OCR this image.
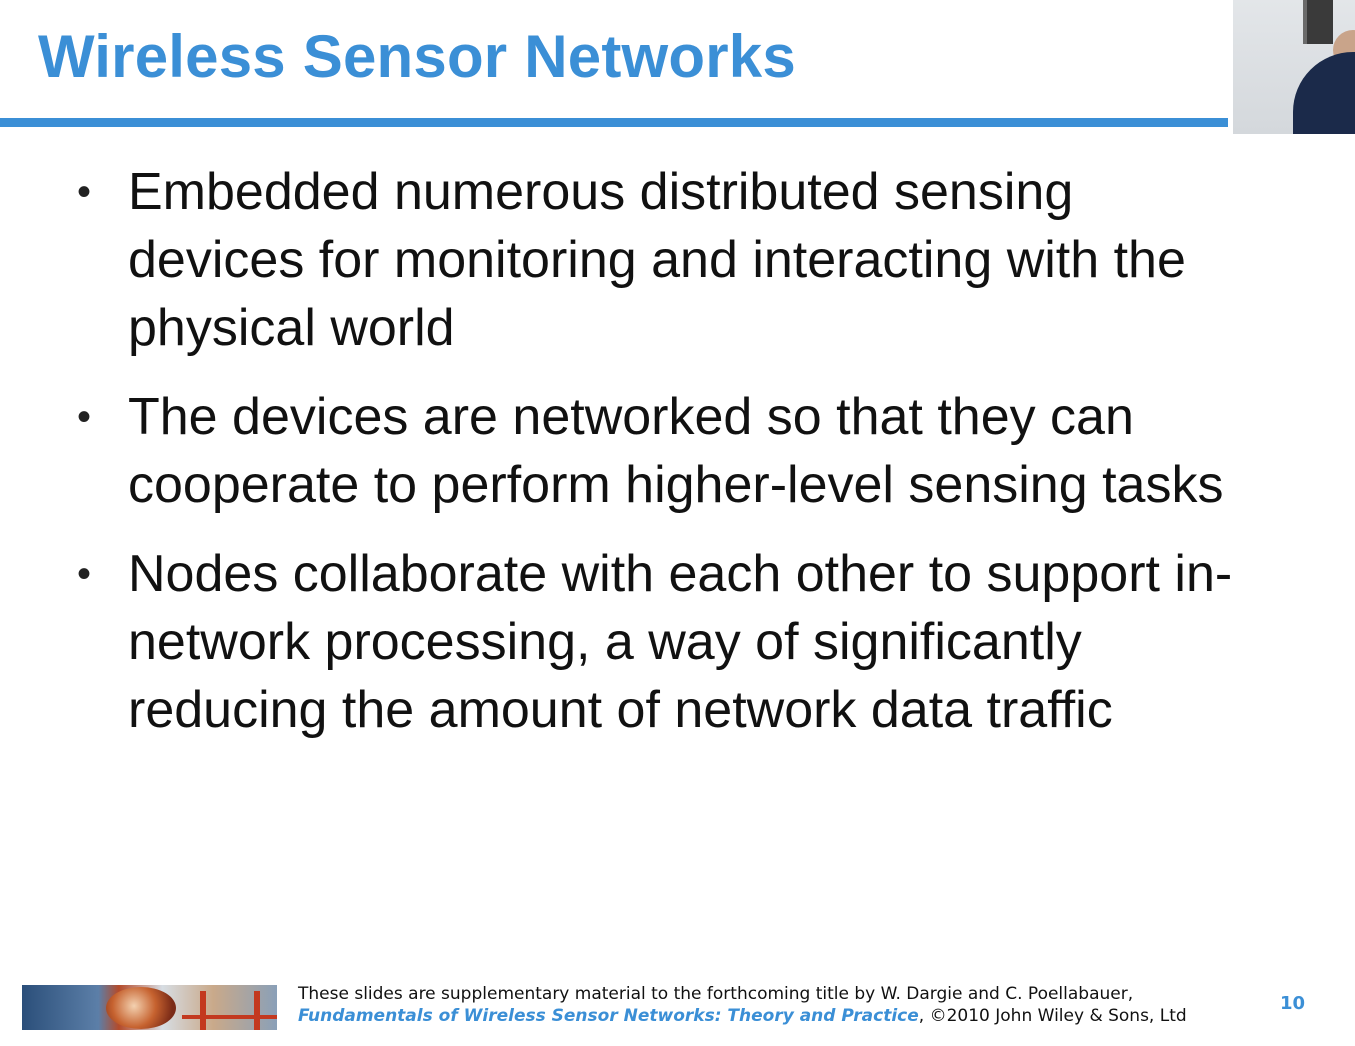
Wireless Sensor Networks
• Embedded numerous distributed sensing devices for monitoring and interacting with the physical world
• The devices are networked so that they can cooperate to perform higher-level sensing tasks
• Nodes collaborate with each other to support in-network processing, a way of significantly reducing the amount of network data traffic
These slides are supplementary material to the forthcoming title by W. Dargie and C. Poellabauer,
Fundamentals of Wireless Sensor Networks: Theory and Practice, ©2010 John Wiley & Sons, Ltd
10
